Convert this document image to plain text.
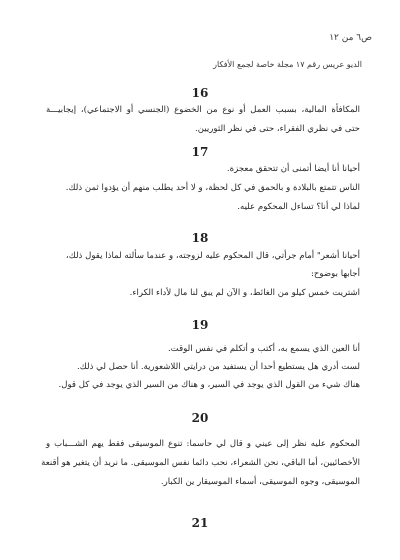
ص٦ من ١٢
الديو عريس رقم ١٧ مجلة خاصة لجمع الأفكار
16
المكافأة المالية، بسبب العمل أو نوع من الخضوع (الجنسي أو الاجتماعي)، إيجابيـــة
حتى في نظري الفقراء، حتى في نظر الثوريين.
17
أحيانا أنا أيضا أتمنى أن تتحقق معجزة.
الناس تتمتع بالبلادة و بالحمق في كل لحظة، و لا أحد يطلب منهم أن يؤدوا ثمن ذلك.
لماذا لي أنا؟ تساءل المحكوم عليه.
18
أحيانا أشعر" أمام جرأتي، قال المحكوم عليه لزوجته، و عندما سألته لماذا يقول ذلك،
أجابها بوضوح:
اشتريت خمس كيلو من الغائط، و الآن لم يبق لنا مال لأداء الكراء.
19
أنا العين الذي يسمع به، أكتب و أتكلم في نفس الوقت.
لست أدري هل يستطيع أحدا أن يستفيد من درايتي اللاشعورية. أنا حصل لي ذلك.
هناك شيء من القول الذي يوجد في السير، و هناك من السير الذي يوجد في كل قول.
20
المحكوم عليه نظر إلى عيني و قال لي حاسما: تنوع الموسيقى فقط يهم الشـــباب و
الأخصائيين، أما الباقي، نحن الشعراء، نحب دائما نفس الموسيقى. ما نريد أن يتغير هو أقنعة
الموسيقى، وجوه الموسيقى، أسماء الموسيقار ين الكبار.
21
